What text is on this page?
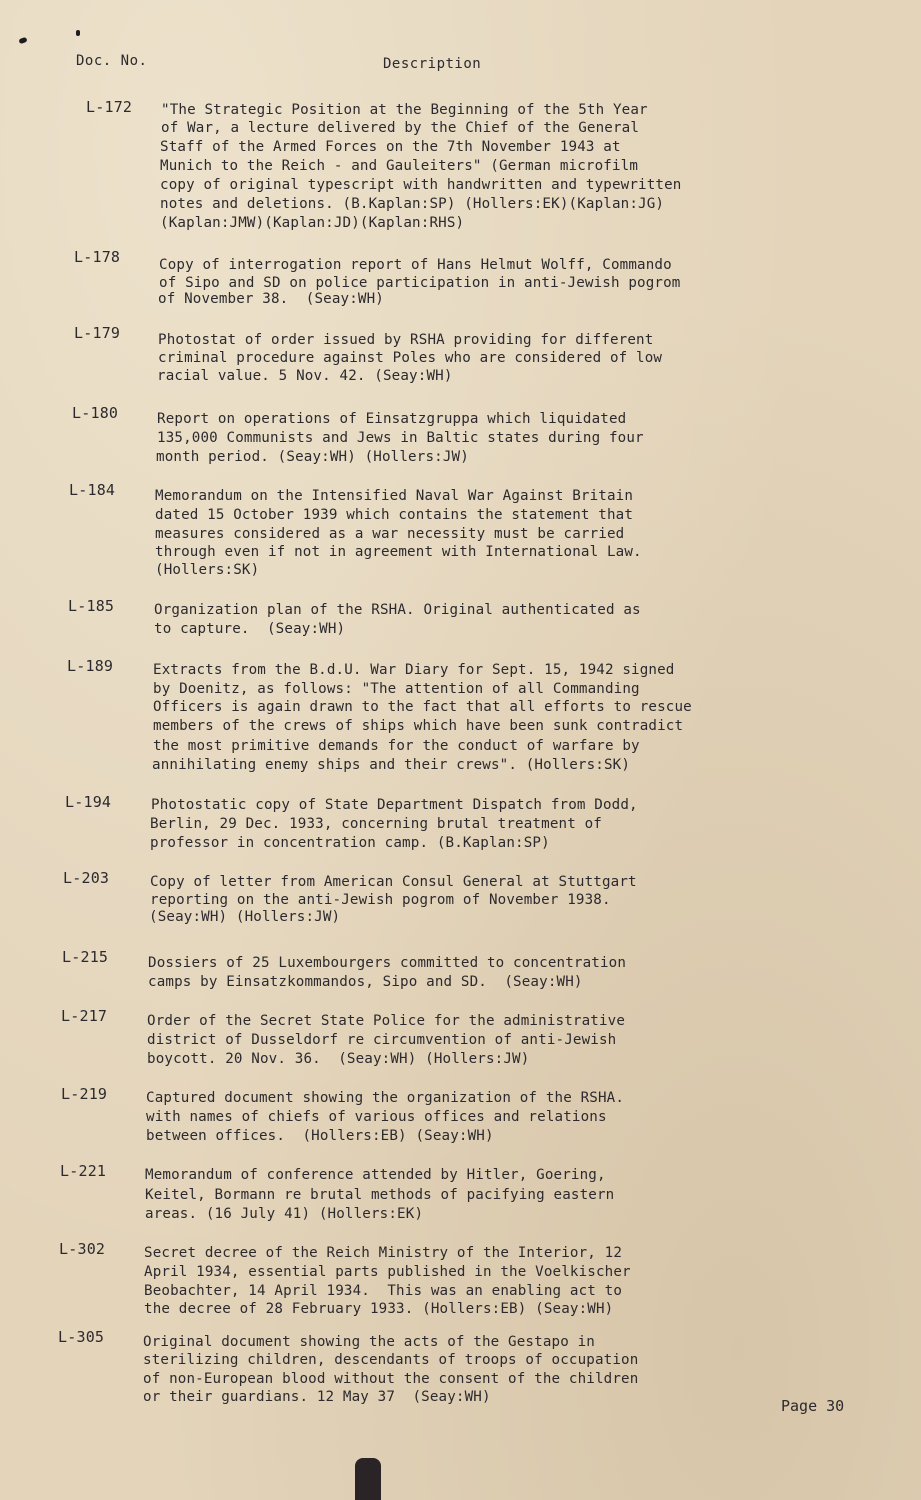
Doc. No.	Description
L-172 "The Strategic Position at the Beginning of the 5th Year
of War, a lecture delivered by the Chief of the General
Staff of the Armed Forces on the 7th November 1943 at
Munich to the Reich - and Gauleiters" (German microfilm
copy of original typescript with handwritten and typewritten
notes and deletions. (B.Kaplan:SP) (Hollers:EK)(Kaplan:JG)
(Kaplan:JMW)(Kaplan:JD)(Kaplan:RHS)
L-178	Copy of interrogation report of Hans Helmut Wolff, Commando
of Sipo and SD on police participation in anti-Jewish pogrom
of November 38.  (Seay:WH)
L-179	Photostat of order issued by RSHA providing for different
criminal procedure against Poles who are considered of low
racial value. 5 Nov. 42. (Seay:WH)
L-180	Report on operations of Einsatzgruppa which liquidated
135,000 Communists and Jews in Baltic states during four
month period. (Seay:WH) (Hollers:JW)
L-184	Memorandum on the Intensified Naval War Against Britain
dated 15 October 1939 which contains the statement that
measures considered as a war necessity must be carried
through even if not in agreement with International Law.
(Hollers:SK)
L-185	Organization plan of the RSHA. Original authenticated as
to capture.  (Seay:WH)
L-189	Extracts from the B.d.U. War Diary for Sept. 15, 1942 signed
by Doenitz, as follows: "The attention of all Commanding
Officers is again drawn to the fact that all efforts to rescue
members of the crews of ships which have been sunk contradict
the most primitive demands for the conduct of warfare by
annihilating enemy ships and their crews". (Hollers:SK)
L-194	Photostatic copy of State Department Dispatch from Dodd,
Berlin, 29 Dec. 1933, concerning brutal treatment of
professor in concentration camp. (B.Kaplan:SP)
L-203	Copy of letter from American Consul General at Stuttgart
reporting on the anti-Jewish pogrom of November 1938.
(Seay:WH) (Hollers:JW)
L-215	Dossiers of 25 Luxembourgers committed to concentration
camps by Einsatzkommandos, Sipo and SD.  (Seay:WH)
L-217	Order of the Secret State Police for the administrative
district of Dusseldorf re circumvention of anti-Jewish
boycott. 20 Nov. 36.  (Seay:WH) (Hollers:JW)
L-219	Captured document showing the organization of the RSHA.
with names of chiefs of various offices and relations
between offices.  (Hollers:EB) (Seay:WH)
L-221	Memorandum of conference attended by Hitler, Goering,
Keitel, Bormann re brutal methods of pacifying eastern
areas. (16 July 41) (Hollers:EK)
L-302	Secret decree of the Reich Ministry of the Interior, 12
April 1934, essential parts published in the Voelkischer
Beobachter, 14 April 1934.  This was an enabling act to
the decree of 28 February 1933. (Hollers:EB) (Seay:WH)
L-305	Original document showing the acts of the Gestapo in
sterilizing children, descendants of troops of occupation
of non-European blood without the consent of the children
or their guardians. 12 May 37  (Seay:WH)	Page 30
